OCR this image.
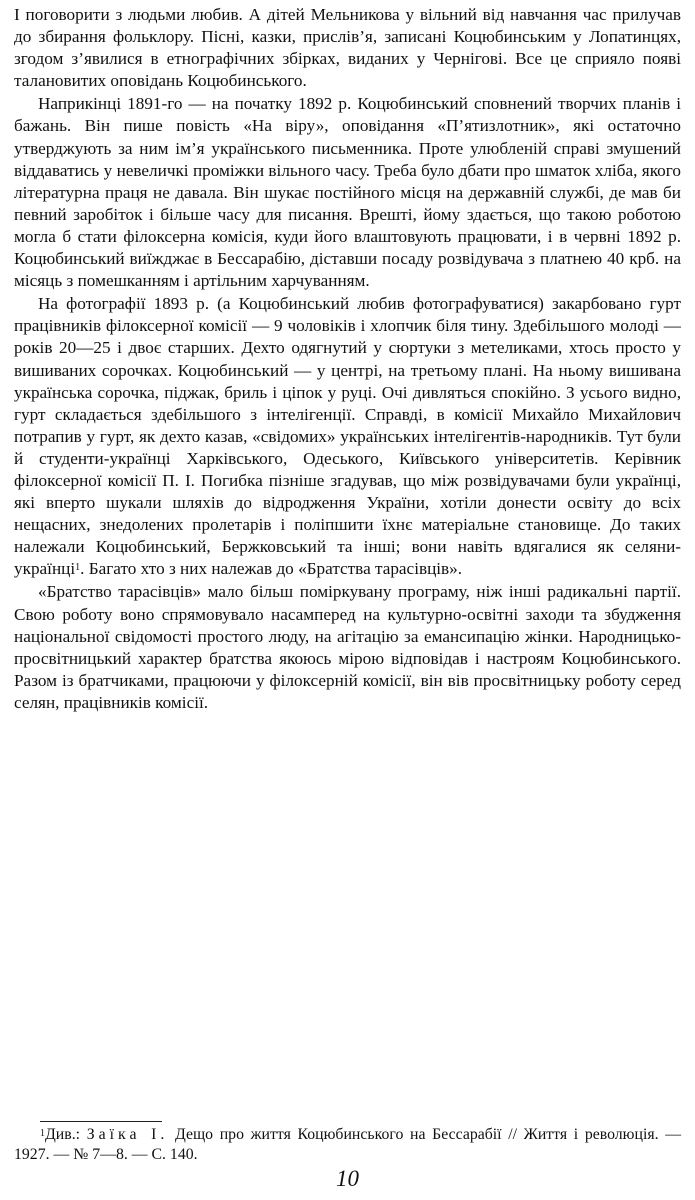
І поговорити з людьми любив. А дітей Мельникова у вільний від навчання час прилучав до збирання фольклору. Пісні, казки, прислів’я, записані Коцюбинським у Лопатинцях, згодом з’явилися в етнографічних збірках, виданих у Чернігові. Все це сприяло появі талановитих оповідань Коцюбинського.

Наприкінці 1891-го — на початку 1892 р. Коцюбинський сповнений творчих планів і бажань. Він пише повість «На віру», оповідання «П’ятизлотник», які остаточно утверджують за ним ім’я українського письменника. Проте улюбленій справі змушений віддаватись у невеличкі проміжки вільного часу. Треба було дбати про шматок хліба, якого літературна праця не давала. Він шукає постійного місця на державній службі, де мав би певний заробіток і більше часу для писання. Врешті, йому здається, що такою роботою могла б стати філоксерна комісія, куди його влаштовують працювати, і в червні 1892 р. Коцюбинський виїжджає в Бессарабію, діставши посаду розвідувача з платнею 40 крб. на місяць з помешканням і артільним харчуванням.

На фотографії 1893 р. (а Коцюбинський любив фотографуватися) закарбовано гурт працівників філоксерної комісії — 9 чоловіків і хлопчик біля тину. Здебільшого молоді — років 20—25 і двоє старших. Дехто одягнутий у сюртуки з метеликами, хтось просто у вишиваних сорочках. Коцюбинський — у центрі, на третьому плані. На ньому вишивана українська сорочка, піджак, бриль і ціпок у руці. Очі дивляться спокійно. З усього видно, гурт складається здебільшого з інтелігенції. Справді, в комісії Михайло Михайлович потрапив у гурт, як дехто казав, «свідомих» українських інтелігентів-народників. Тут були й студенти-українці Харківського, Одеського, Київського університетів. Керівник філоксерної комісії П. І. Погибка пізніше згадував, що між розвідувачами були українці, які вперто шукали шляхів до відродження України, хотіли донести освіту до всіх нещасних, знедолених пролетарів і поліпшити їхнє матеріальне становище. До таких належали Коцюбинський, Бержковський та інші; вони навіть вдягалися як селяни-українці$^1$. Багато хто з них належав до «Братства тарасівців».

«Братство тарасівців» мало більш поміркувану програму, ніж інші радикальні партії. Свою роботу воно спрямовувало насамперед на культурно-освітні заходи та збудження національної свідомості простого люду, на агітацію за емансипацію жінки. Народницько-просвітницький характер братства якоюсь мірою відповідав і настроям Коцюбинського. Разом із братчиками, працюючи у філоксерній комісії, він вів просвітницьку роботу серед селян, працівників комісії.

$^1$Див.: Заїка І. Дещо про життя Коцюбинського на Бессарабії // Життя і революція. — 1927. — № 7—8. — С. 140.
10
